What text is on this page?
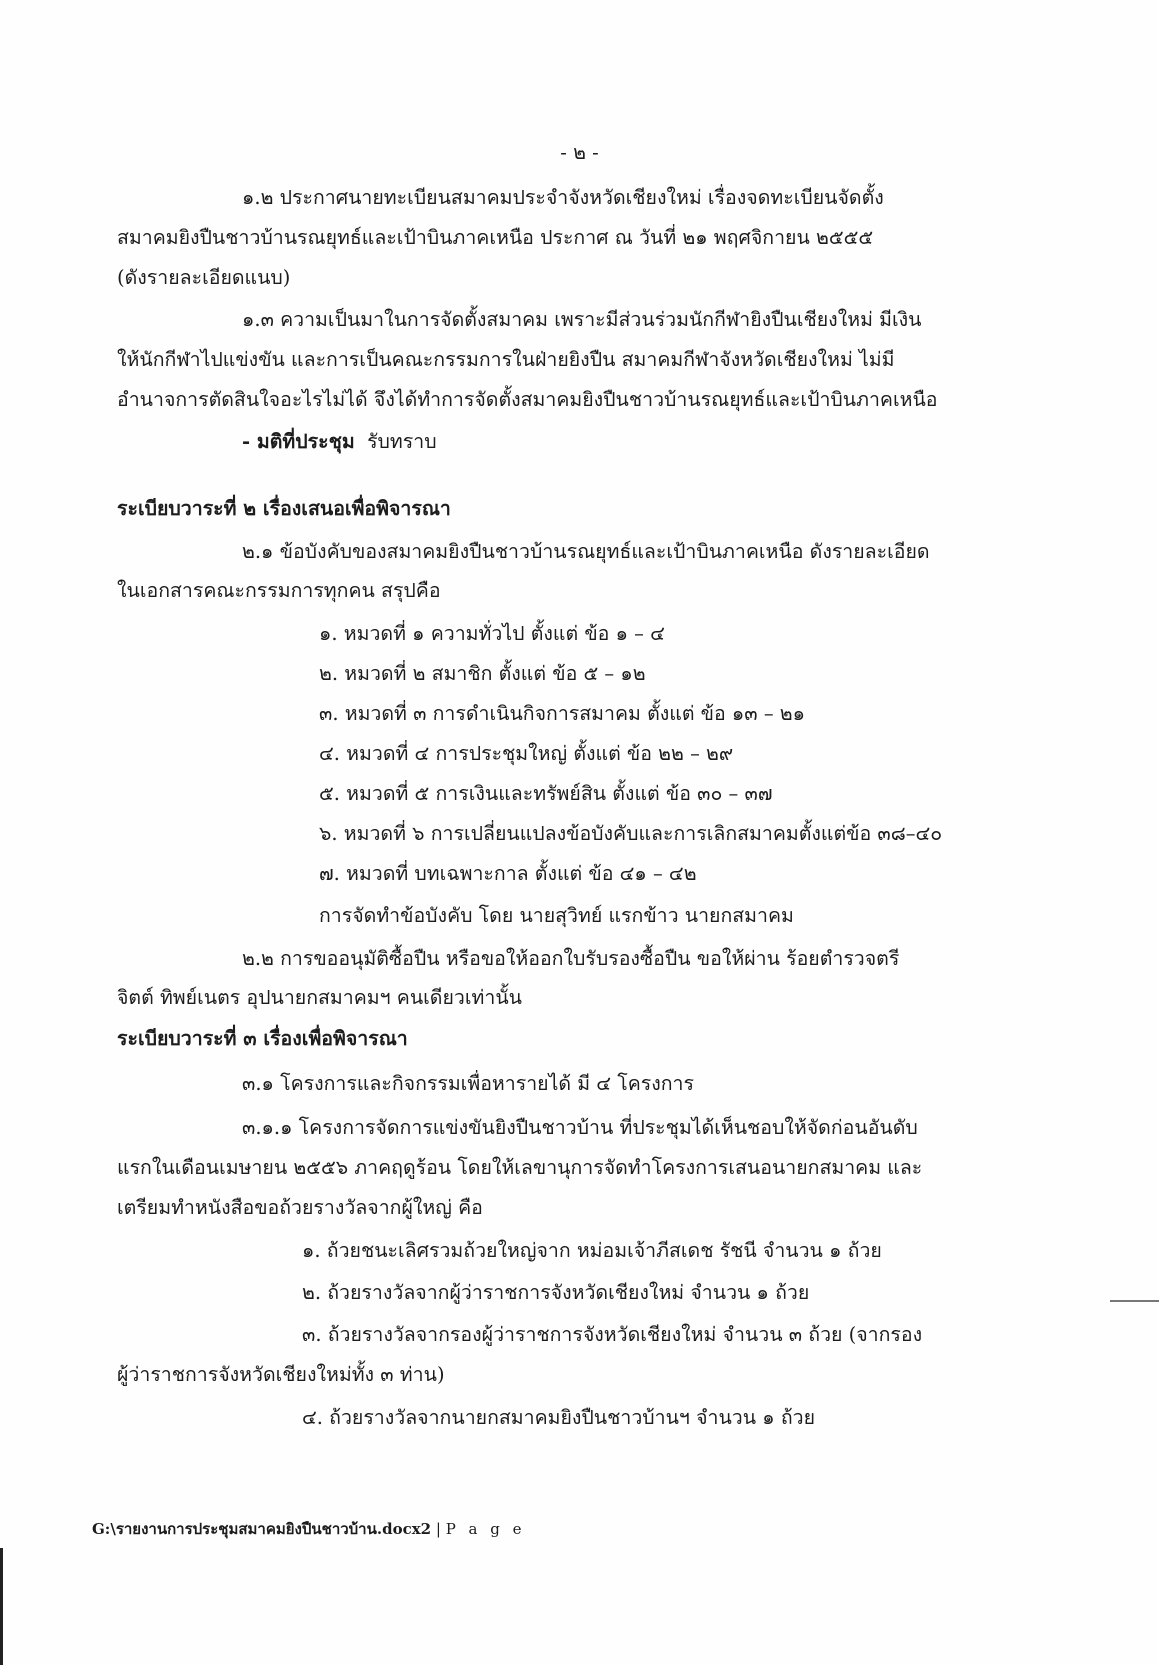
- ๒ -
๑.๒ ประกาศนายทะเบียนสมาคมประจำจังหวัดเชียงใหม่ เรื่องจดทะเบียนจัดตั้ง
สมาคมยิงปืนชาวบ้านรณยุทธ์และเป้าบินภาคเหนือ ประกาศ ณ วันที่ ๒๑ พฤศจิกายน ๒๕๕๕
(ดังรายละเอียดแนบ)
๑.๓ ความเป็นมาในการจัดตั้งสมาคม เพราะมีส่วนร่วมนักกีฬายิงปืนเชียงใหม่ มีเงิน
ให้นักกีฬาไปแข่งขัน และการเป็นคณะกรรมการในฝ่ายยิงปืน สมาคมกีฬาจังหวัดเชียงใหม่ ไม่มี
อำนาจการตัดสินใจอะไรไม่ได้ จึงได้ทำการจัดตั้งสมาคมยิงปืนชาวบ้านรณยุทธ์และเป้าบินภาคเหนือ
- มติที่ประชุม รับทราบ
ระเบียบวาระที่ ๒ เรื่องเสนอเพื่อพิจารณา
๒.๑ ข้อบังคับของสมาคมยิงปืนชาวบ้านรณยุทธ์และเป้าบินภาคเหนือ ดังรายละเอียด
ในเอกสารคณะกรรมการทุกคน สรุปคือ
๑. หมวดที่ ๑ ความทั่วไป ตั้งแต่ ข้อ ๑ – ๔
๒. หมวดที่ ๒ สมาชิก ตั้งแต่ ข้อ ๕ – ๑๒
๓. หมวดที่ ๓ การดำเนินกิจการสมาคม ตั้งแต่ ข้อ ๑๓ – ๒๑
๔. หมวดที่ ๔ การประชุมใหญ่ ตั้งแต่ ข้อ ๒๒ – ๒๙
๕. หมวดที่ ๕ การเงินและทรัพย์สิน ตั้งแต่ ข้อ ๓๐ – ๓๗
๖. หมวดที่ ๖ การเปลี่ยนแปลงข้อบังคับและการเลิกสมาคมตั้งแต่ข้อ ๓๘–๔๐
๗. หมวดที่ บทเฉพาะกาล ตั้งแต่ ข้อ ๔๑ – ๔๒
การจัดทำข้อบังคับ โดย นายสุวิทย์ แรกข้าว นายกสมาคม
๒.๒ การขออนุมัติซื้อปืน หรือขอให้ออกใบรับรองซื้อปืน ขอให้ผ่าน ร้อยตำรวจตรี
จิตต์ ทิพย์เนตร อุปนายกสมาคมฯ คนเดียวเท่านั้น
ระเบียบวาระที่ ๓ เรื่องเพื่อพิจารณา
๓.๑ โครงการและกิจกรรมเพื่อหารายได้ มี ๔ โครงการ
๓.๑.๑ โครงการจัดการแข่งขันยิงปืนชาวบ้าน ที่ประชุมได้เห็นชอบให้จัดก่อนอันดับ
แรกในเดือนเมษายน ๒๕๕๖ ภาคฤดูร้อน โดยให้เลขานุการจัดทำโครงการเสนอนายกสมาคม และ
เตรียมทำหนังสือขอถ้วยรางวัลจากผู้ใหญ่ คือ
๑. ถ้วยชนะเลิศรวมถ้วยใหญ่จาก หม่อมเจ้าภีสเดช รัชนี จำนวน ๑ ถ้วย
๒. ถ้วยรางวัลจากผู้ว่าราชการจังหวัดเชียงใหม่ จำนวน ๑ ถ้วย
๓. ถ้วยรางวัลจากรองผู้ว่าราชการจังหวัดเชียงใหม่ จำนวน ๓ ถ้วย (จากรอง
ผู้ว่าราชการจังหวัดเชียงใหม่ทั้ง ๓ ท่าน)
๔. ถ้วยรางวัลจากนายกสมาคมยิงปืนชาวบ้านฯ จำนวน ๑ ถ้วย
G:\รายงานการประชุมสมาคมยิงปืนชาวบ้าน.docx2 | P a g e
